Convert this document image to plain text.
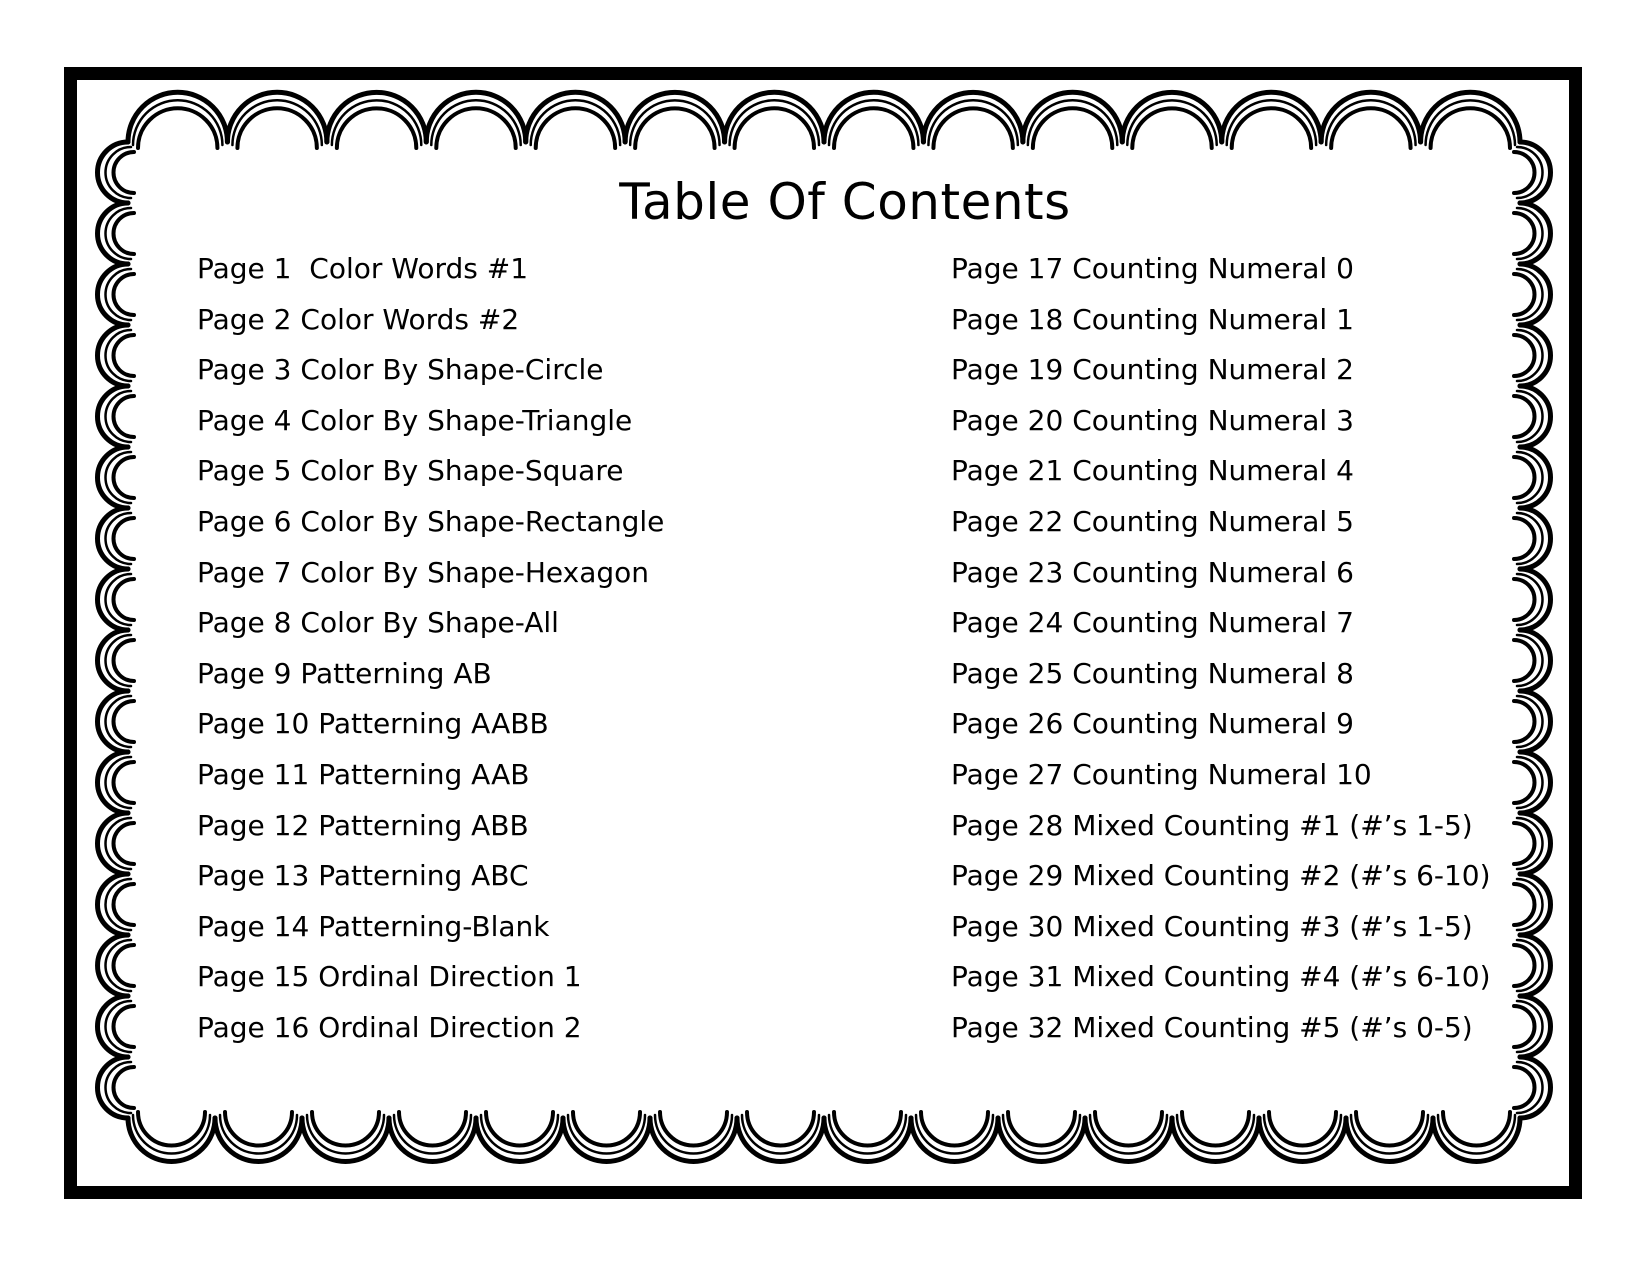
Table Of Contents
Page 1  Color Words #1
Page 2 Color Words #2
Page 3 Color By Shape-Circle
Page 4 Color By Shape-Triangle
Page 5 Color By Shape-Square
Page 6 Color By Shape-Rectangle
Page 7 Color By Shape-Hexagon
Page 8 Color By Shape-All
Page 9 Patterning AB
Page 10 Patterning AABB
Page 11 Patterning AAB
Page 12 Patterning ABB
Page 13 Patterning ABC
Page 14 Patterning-Blank
Page 15 Ordinal Direction 1
Page 16 Ordinal Direction 2
Page 17 Counting Numeral 0
Page 18 Counting Numeral 1
Page 19 Counting Numeral 2
Page 20 Counting Numeral 3
Page 21 Counting Numeral 4
Page 22 Counting Numeral 5
Page 23 Counting Numeral 6
Page 24 Counting Numeral 7
Page 25 Counting Numeral 8
Page 26 Counting Numeral 9
Page 27 Counting Numeral 10
Page 28 Mixed Counting #1 (#’s 1-5)
Page 29 Mixed Counting #2 (#’s 6-10)
Page 30 Mixed Counting #3 (#’s 1-5)
Page 31 Mixed Counting #4 (#’s 6-10)
Page 32 Mixed Counting #5 (#’s 0-5)
